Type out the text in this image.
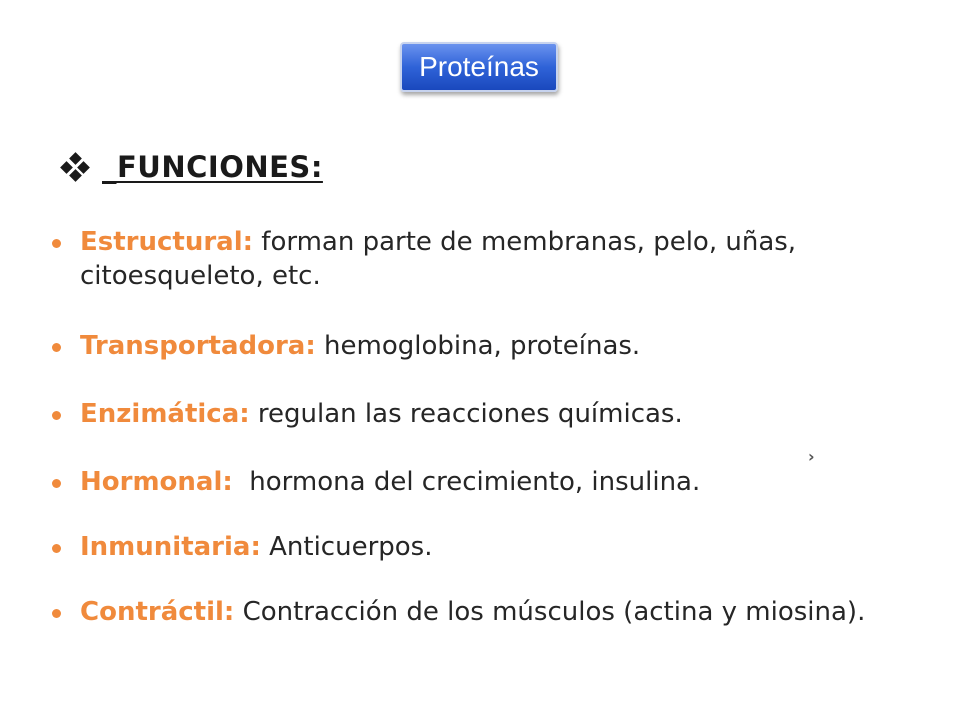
Proteínas
_FUNCIONES:
Estructural: forman parte de membranas, pelo, uñas, citoesqueleto, etc.
Transportadora: hemoglobina, proteínas.
Enzimática: regulan las reacciones químicas.
Hormonal:  hormona del crecimiento, insulina.
Inmunitaria: Anticuerpos.
Contráctil: Contracción de los músculos (actina y miosina).
›
